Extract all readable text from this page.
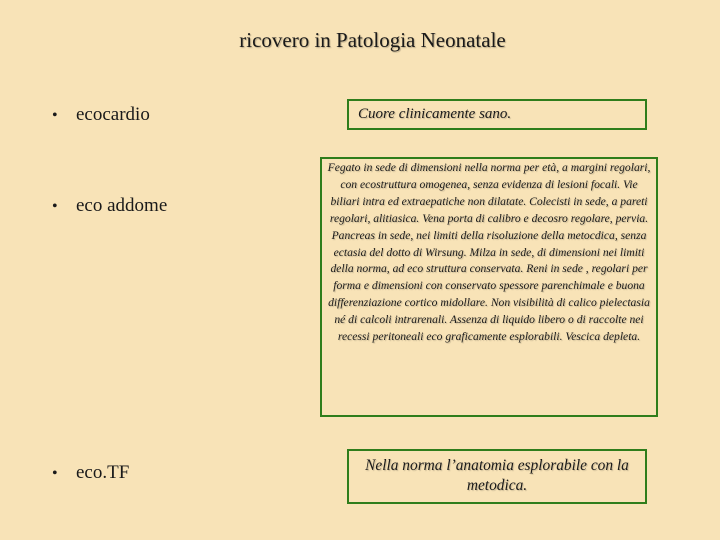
ricovero in Patologia Neonatale
• ecocardio
• eco addome
• eco.TF
Cuore clinicamente sano.
Fegato in sede di dimensioni nella norma per età, a margini regolari, con ecostruttura omogenea, senza evidenza di lesioni focali. Vie biliari intra ed extraepatiche non dilatate. Colecisti in sede, a pareti regolari, alitiasica. Vena porta di calibro e decosro regolare, pervia. Pancreas in sede, nei limiti della risoluzione della metocdica, senza ectasia del dotto di Wirsung. Milza in sede, di dimensioni nei limiti della norma, ad eco struttura conservata. Reni in sede , regolari per forma e dimensioni con conservato spessore parenchimale e buona differenziazione cortico midollare. Non visibilità di calico pielectasia né di calcoli intrarenali. Assenza di liquido libero o di raccolte nei recessi peritoneali eco graficamente esplorabili. Vescica depleta.
Nella norma l’anatomia esplorabile con la metodica.
